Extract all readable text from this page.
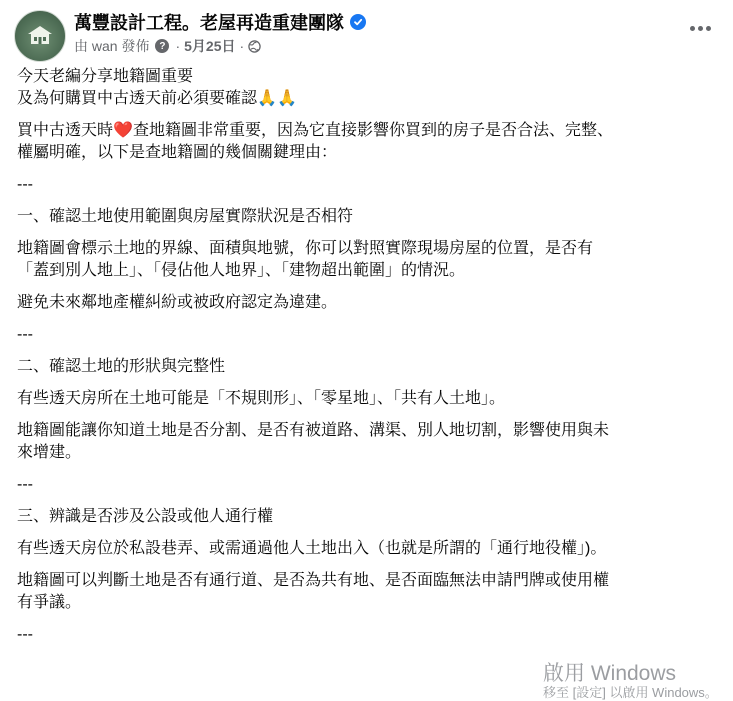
萬豐設計工程。老屋再造重建團隊
由 wan 發佈 ? · 5月25日 ·

今天老編分享地籍圖重要

及為何購買中古透天前必須要確認🙏🙏

買中古透天時❤️查地籍圖非常重要，因為它直接影響你買到的房子是否合法、完整、

權屬明確，以下是查地籍圖的幾個關鍵理由：

---

一、確認土地使用範圍與房屋實際狀況是否相符

地籍圖會標示土地的界線、面積與地號，你可以對照實際現場房屋的位置，是否有

「蓋到別人地上」、「侵佔他人地界」、「建物超出範圍」的情況。

避免未來鄰地產權糾紛或被政府認定為違建。

---

二、確認土地的形狀與完整性

有些透天房所在土地可能是「不規則形」、「零星地」、「共有人土地」。

地籍圖能讓你知道土地是否分割、是否有被道路、溝渠、別人地切割，影響使用與未

來增建。

---

三、辨識是否涉及公設或他人通行權

有些透天房位於私設巷弄、或需通過他人土地出入（也就是所謂的「通行地役權」)。

地籍圖可以判斷土地是否有通行道、是否為共有地、是否面臨無法申請門牌或使用權

有爭議。

---

啟用 Windows
移至 [設定] 以啟用 Windows。
